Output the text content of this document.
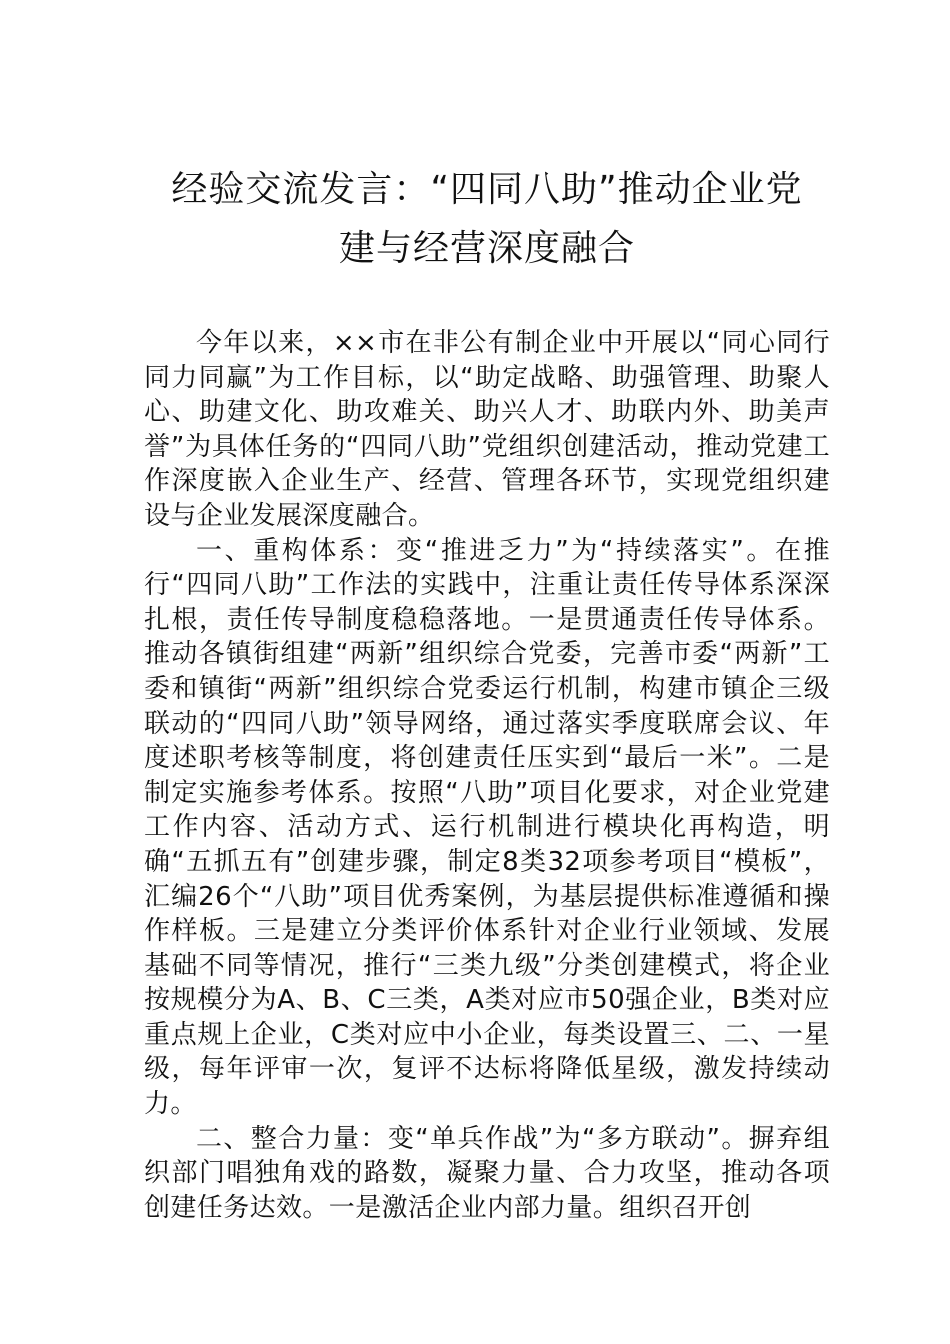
经验交流发言：“四同八助”推动企业党
建与经营深度融合

今年以来，××市在非公有制企业中开展以“同心同行同力同赢”为工作目标，以“助定战略、助强管理、助聚人心、助建文化、助攻难关、助兴人才、助联内外、助美声誉”为具体任务的“四同八助”党组织创建活动，推动党建工作深度嵌入企业生产、经营、管理各环节，实现党组织建设与企业发展深度融合。

一、重构体系：变“推进乏力”为“持续落实”。在推行“四同八助”工作法的实践中，注重让责任传导体系深深扎根，责任传导制度稳稳落地。一是贯通责任传导体系。推动各镇街组建“两新”组织综合党委，完善市委“两新”工委和镇街“两新”组织综合党委运行机制，构建市镇企三级联动的“四同八助”领导网络，通过落实季度联席会议、年度述职考核等制度，将创建责任压实到“最后一米”。二是制定实施参考体系。按照“八助”项目化要求，对企业党建工作内容、活动方式、运行机制进行模块化再构造，明确“五抓五有”创建步骤，制定8类32项参考项目“模板”，汇编26个“八助”项目优秀案例，为基层提供标准遵循和操作样板。三是建立分类评价体系针对企业行业领域、发展基础不同等情况，推行“三类九级”分类创建模式，将企业按规模分为A、B、C三类，A类对应市50强企业，B类对应重点规上企业，C类对应中小企业，每类设置三、二、一星级，每年评审一次，复评不达标将降低星级，激发持续动力。

二、整合力量：变“单兵作战”为“多方联动”。摒弃组织部门唱独角戏的路数，凝聚力量、合力攻坚，推动各项创建任务达效。一是激活企业内部力量。组织召开创
